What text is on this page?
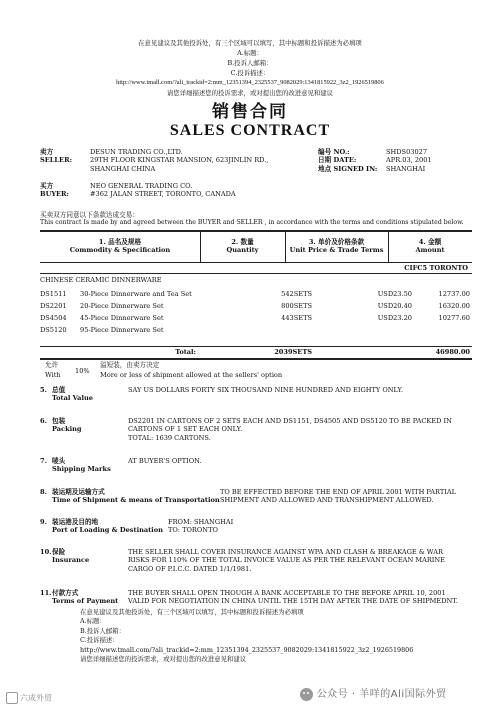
在意见建议及其他投诉处，有三个区域可以填写，其中标题和投诉描述为必填项
A.标题：
B.投诉人邮箱：
C.投诉描述：
http://www.tmall.com/?ali_trackid=2:mm_12351394_2325537_9082029:1341815922_3z2_1926519806
请您详细描述您的投诉需求，或对提出您的改进意见和建议
销售合同
SALES CONTRACT
卖方
SELLER:
DESUN TRADING CO.,LTD.
29TH FLOOR KINGSTAR MANSION, 623JINLIN RD.,
SHANGHAI CHINA
编号 NO.:	SHDS03027
日期 DATE:	APR.03, 2001
地点 SIGNED IN:	SHANGHAI
买方
BUYER:
NEO GENERAL TRADING CO.
#362 JALAN STREET, TORONTO, CANADA
买卖双方同意以下条款达成交易：
This contract Is made by and agreed between the BUYER and SELLER , in accordance with the terms and conditions stipulated below.
1. 品名及规格
Commodity & Specification
2. 数量
Quantity
3. 单价及价格条款
Unit Price & Trade Terms
4. 金额
Amount
CIFC5 TORONTO
CHINESE CERAMIC DINNERWARE
DS1511 30-Piece Dinnerware and Tea Set	542SETS	USD23.50	12737.00
DS2201 20-Piece Dinnerware Set	800SETS	USD20.40	16320.00
DS4504 45-Piece Dinnerware Set	443SETS	USD23.20	10277.60
DS5120 95-Piece Dinnerware Set
Total:	2039SETS	46980.00
允许
With 10%
溢短装，由卖方决定
More or less of shipment allowed at the sellers' option
5. 总值
Total Value
SAY US DOLLARS FORTY SIX THOUSAND NINE HUNDRED AND EIGHTY ONLY.
6. 包装
Packing
DS2201 IN CARTONS OF 2 SETS EACH AND DS1151, DS4505 AND DS5120 TO BE PACKED IN
CARTONS OF 1 SET EACH ONLY.
TOTAL: 1639 CARTONS.
7. 唛头
Shipping Marks
AT BUYER'S OPTION.
8. 装运期及运输方式
Time of Shipment & means of Transportation
TO BE EFFECTED BEFORE THE END OF APRIL 2001 WITH PARTIAL
SHIPMENT AND ALLOWED AND TRANSHIPMENT ALLOWED.
9. 装运港及目的地
Port of Loading & Destination
FROM: SHANGHAI
TO: TORONTO
10. 保险
Insurance
THE SELLER SHALL COVER INSURANCE AGAINST WPA AND CLASH & BREAKAGE & WAR
RISKS FOR 110% OF THE TOTAL INVOICE VALUE AS PER THE RELEVANT OCEAN MARINE
CARGO OF P.I.C.C. DATED 1/1/1981.
11. 付款方式
Terms of Payment
THE BUYER SHALL OPEN THOUGH A BANK ACCEPTABLE TO THE BEFORE APRIL 10, 2001
VALID FOR NEGOTIATION IN CHINA UNTIL THE 15TH DAY AFTER THE DATE OF SHIPMEDNT.
在意见建议及其他投诉处，有三个区域可以填写，其中标题和投诉描述为必填项
A.标题：
B.投诉人邮箱：
C.投诉描述：
http://www.tmall.com/?ali_trackid=2:mm_12351394_2325537_9082029:1341815922_3z2_1926519806
请您详细描述您的投诉需求，或对提出您的改进意见和建议
六成外贸	公众号 · 羊咩的Ali国际外贸
